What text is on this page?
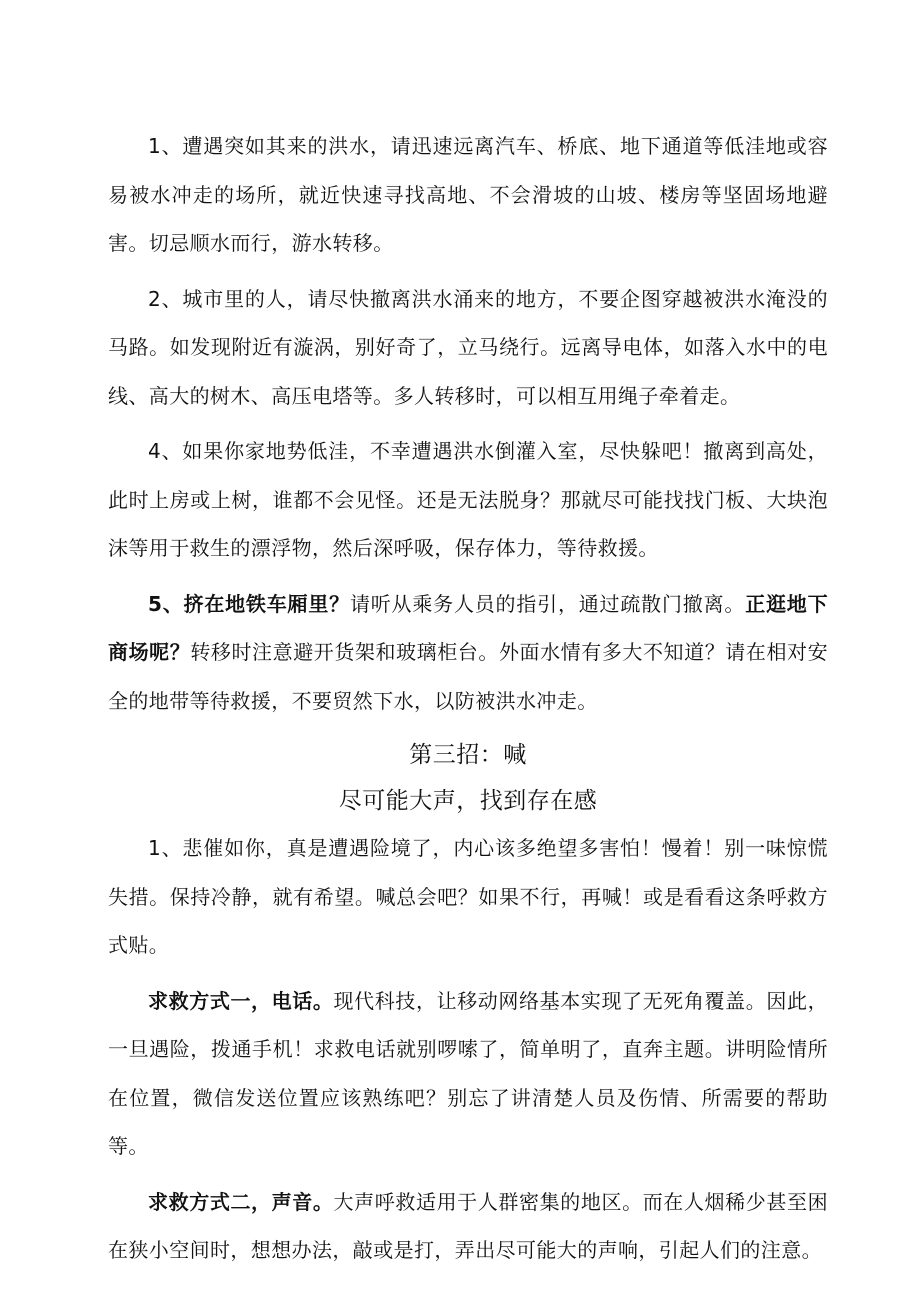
1、遭遇突如其来的洪水，请迅速远离汽车、桥底、地下通道等低洼地或容易被水冲走的场所，就近快速寻找高地、不会滑坡的山坡、楼房等坚固场地避害。切忌顺水而行，游水转移。

2、城市里的人，请尽快撤离洪水涌来的地方，不要企图穿越被洪水淹没的马路。如发现附近有漩涡，别好奇了，立马绕行。远离导电体，如落入水中的电线、高大的树木、高压电塔等。多人转移时，可以相互用绳子牵着走。

4、如果你家地势低洼，不幸遭遇洪水倒灌入室，尽快躲吧！撤离到高处，此时上房或上树，谁都不会见怪。还是无法脱身？那就尽可能找找门板、大块泡沫等用于救生的漂浮物，然后深呼吸，保存体力，等待救援。

5、挤在地铁车厢里？请听从乘务人员的指引，通过疏散门撤离。正逛地下商场呢？转移时注意避开货架和玻璃柜台。外面水情有多大不知道？请在相对安全的地带等待救援，不要贸然下水，以防被洪水冲走。

第三招：喊
尽可能大声，找到存在感

1、悲催如你，真是遭遇险境了，内心该多绝望多害怕！慢着！别一味惊慌失措。保持冷静，就有希望。喊总会吧？如果不行，再喊！或是看看这条呼救方式贴。

求救方式一，电话。现代科技，让移动网络基本实现了无死角覆盖。因此，一旦遇险，拨通手机！求救电话就别啰嗦了，简单明了，直奔主题。讲明险情所在位置，微信发送位置应该熟练吧？别忘了讲清楚人员及伤情、所需要的帮助等。

求救方式二，声音。大声呼救适用于人群密集的地区。而在人烟稀少甚至困在狭小空间时，想想办法，敲或是打，弄出尽可能大的声响，引起人们的注意。
